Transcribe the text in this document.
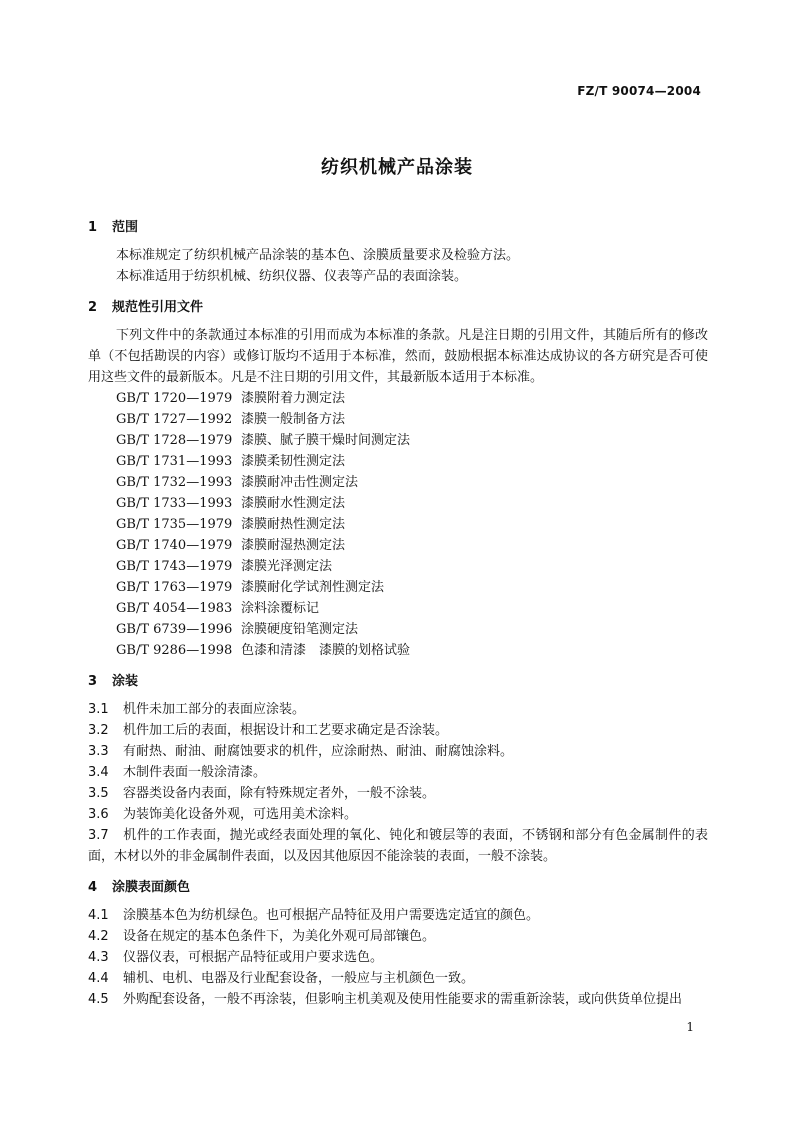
FZ/T 90074—2004
纺织机械产品涂装
1 范围

本标准规定了纺织机械产品涂装的基本色、涂膜质量要求及检验方法。

本标准适用于纺织机械、纺织仪器、仪表等产品的表面涂装。

2 规范性引用文件

下列文件中的条款通过本标准的引用而成为本标准的条款。凡是注日期的引用文件，其随后所有的修改单（不包括勘误的内容）或修订版均不适用于本标准，然而，鼓励根据本标准达成协议的各方研究是否可使用这些文件的最新版本。凡是不注日期的引用文件，其最新版本适用于本标准。

GB/T 1720—1979 漆膜附着力测定法
GB/T 1727—1992 漆膜一般制备方法
GB/T 1728—1979 漆膜、腻子膜干燥时间测定法
GB/T 1731—1993 漆膜柔韧性测定法
GB/T 1732—1993 漆膜耐冲击性测定法
GB/T 1733—1993 漆膜耐水性测定法
GB/T 1735—1979 漆膜耐热性测定法
GB/T 1740—1979 漆膜耐湿热测定法
GB/T 1743—1979 漆膜光泽测定法
GB/T 1763—1979 漆膜耐化学试剂性测定法
GB/T 4054—1983 涂料涂覆标记
GB/T 6739—1996 涂膜硬度铅笔测定法
GB/T 9286—1998 色漆和清漆　漆膜的划格试验
3 涂装

3.1 机件未加工部分的表面应涂装。

3.2 机件加工后的表面，根据设计和工艺要求确定是否涂装。

3.3 有耐热、耐油、耐腐蚀要求的机件，应涂耐热、耐油、耐腐蚀涂料。

3.4 木制件表面一般涂清漆。

3.5 容器类设备内表面，除有特殊规定者外，一般不涂装。

3.6 为装饰美化设备外观，可选用美术涂料。

3.7 机件的工作表面，抛光或经表面处理的氧化、钝化和镀层等的表面，不锈钢和部分有色金属制件的表面，木材以外的非金属制件表面，以及因其他原因不能涂装的表面，一般不涂装。

4 涂膜表面颜色

4.1 涂膜基本色为纺机绿色。也可根据产品特征及用户需要选定适宜的颜色。

4.2 设备在规定的基本色条件下，为美化外观可局部镶色。

4.3 仪器仪表，可根据产品特征或用户要求选色。

4.4 辅机、电机、电器及行业配套设备，一般应与主机颜色一致。

4.5 外购配套设备，一般不再涂装，但影响主机美观及使用性能要求的需重新涂装，或向供货单位提出

1
